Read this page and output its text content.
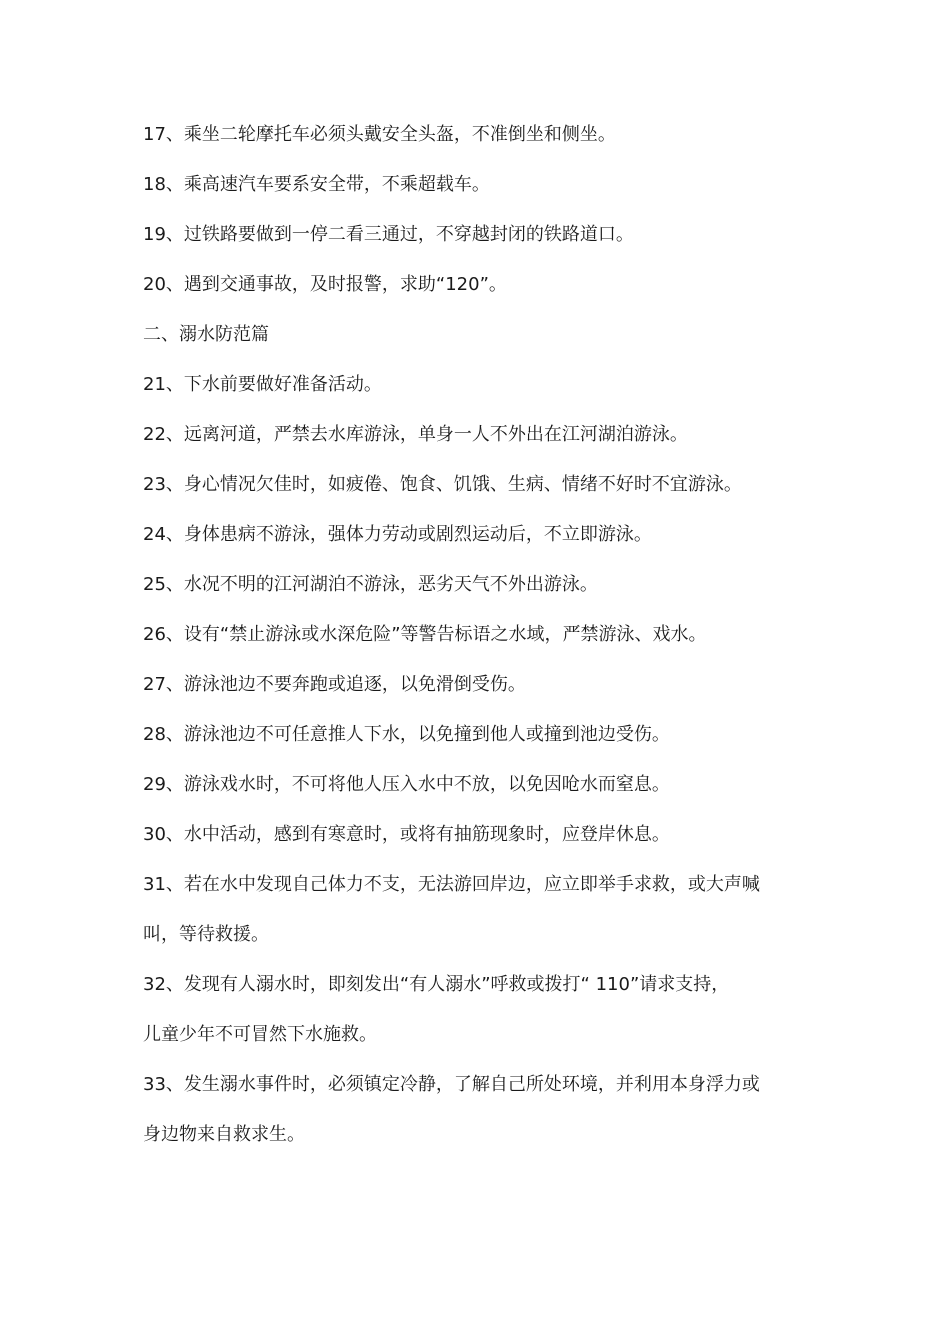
17、乘坐二轮摩托车必须头戴安全头盔，不准倒坐和侧坐。

18、乘高速汽车要系安全带，不乘超载车。

19、过铁路要做到一停二看三通过，不穿越封闭的铁路道口。

20、遇到交通事故，及时报警，求助“120”。

二、溺水防范篇

21、下水前要做好准备活动。

22、远离河道，严禁去水库游泳，单身一人不外出在江河湖泊游泳。

23、身心情况欠佳时，如疲倦、饱食、饥饿、生病、情绪不好时不宜游泳。

24、身体患病不游泳，强体力劳动或剧烈运动后，不立即游泳。

25、水况不明的江河湖泊不游泳，恶劣天气不外出游泳。

26、设有“禁止游泳或水深危险”等警告标语之水域，严禁游泳、戏水。

27、游泳池边不要奔跑或追逐，以免滑倒受伤。

28、游泳池边不可任意推人下水，以免撞到他人或撞到池边受伤。

29、游泳戏水时，不可将他人压入水中不放，以免因呛水而窒息。

30、水中活动，感到有寒意时，或将有抽筋现象时，应登岸休息。

31、若在水中发现自己体力不支，无法游回岸边，应立即举手求救，或大声喊

叫，等待救援。

32、发现有人溺水时，即刻发出“有人溺水”呼救或拨打“ 110”请求支持，

儿童少年不可冒然下水施救。

33、发生溺水事件时，必须镇定冷静，了解自己所处环境，并利用本身浮力或

身边物来自救求生。
